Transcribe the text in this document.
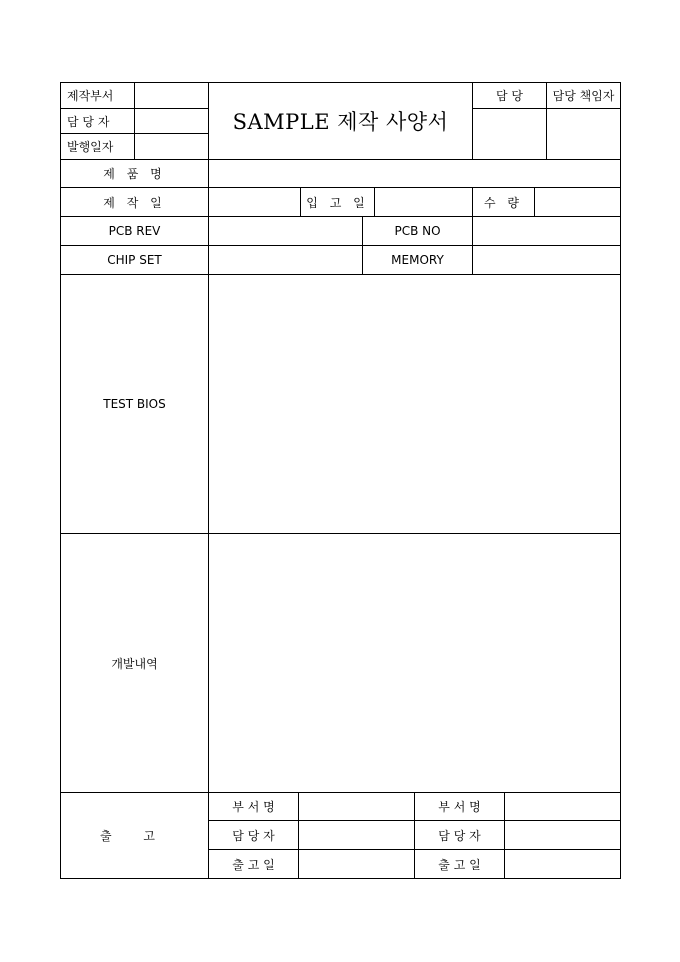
제작부서
담 당 자
발행일자
SAMPLE 제작 사양서
담 당	담당 책임자
제 품 명
제 작 일	입 고 일	수 량
PCB REV	PCB NO
CHIP SET	MEMORY
TEST BIOS
개발내역
출 고
부 서 명	부 서 명
담 당 자	담 당 자
출 고 일	출 고 일
